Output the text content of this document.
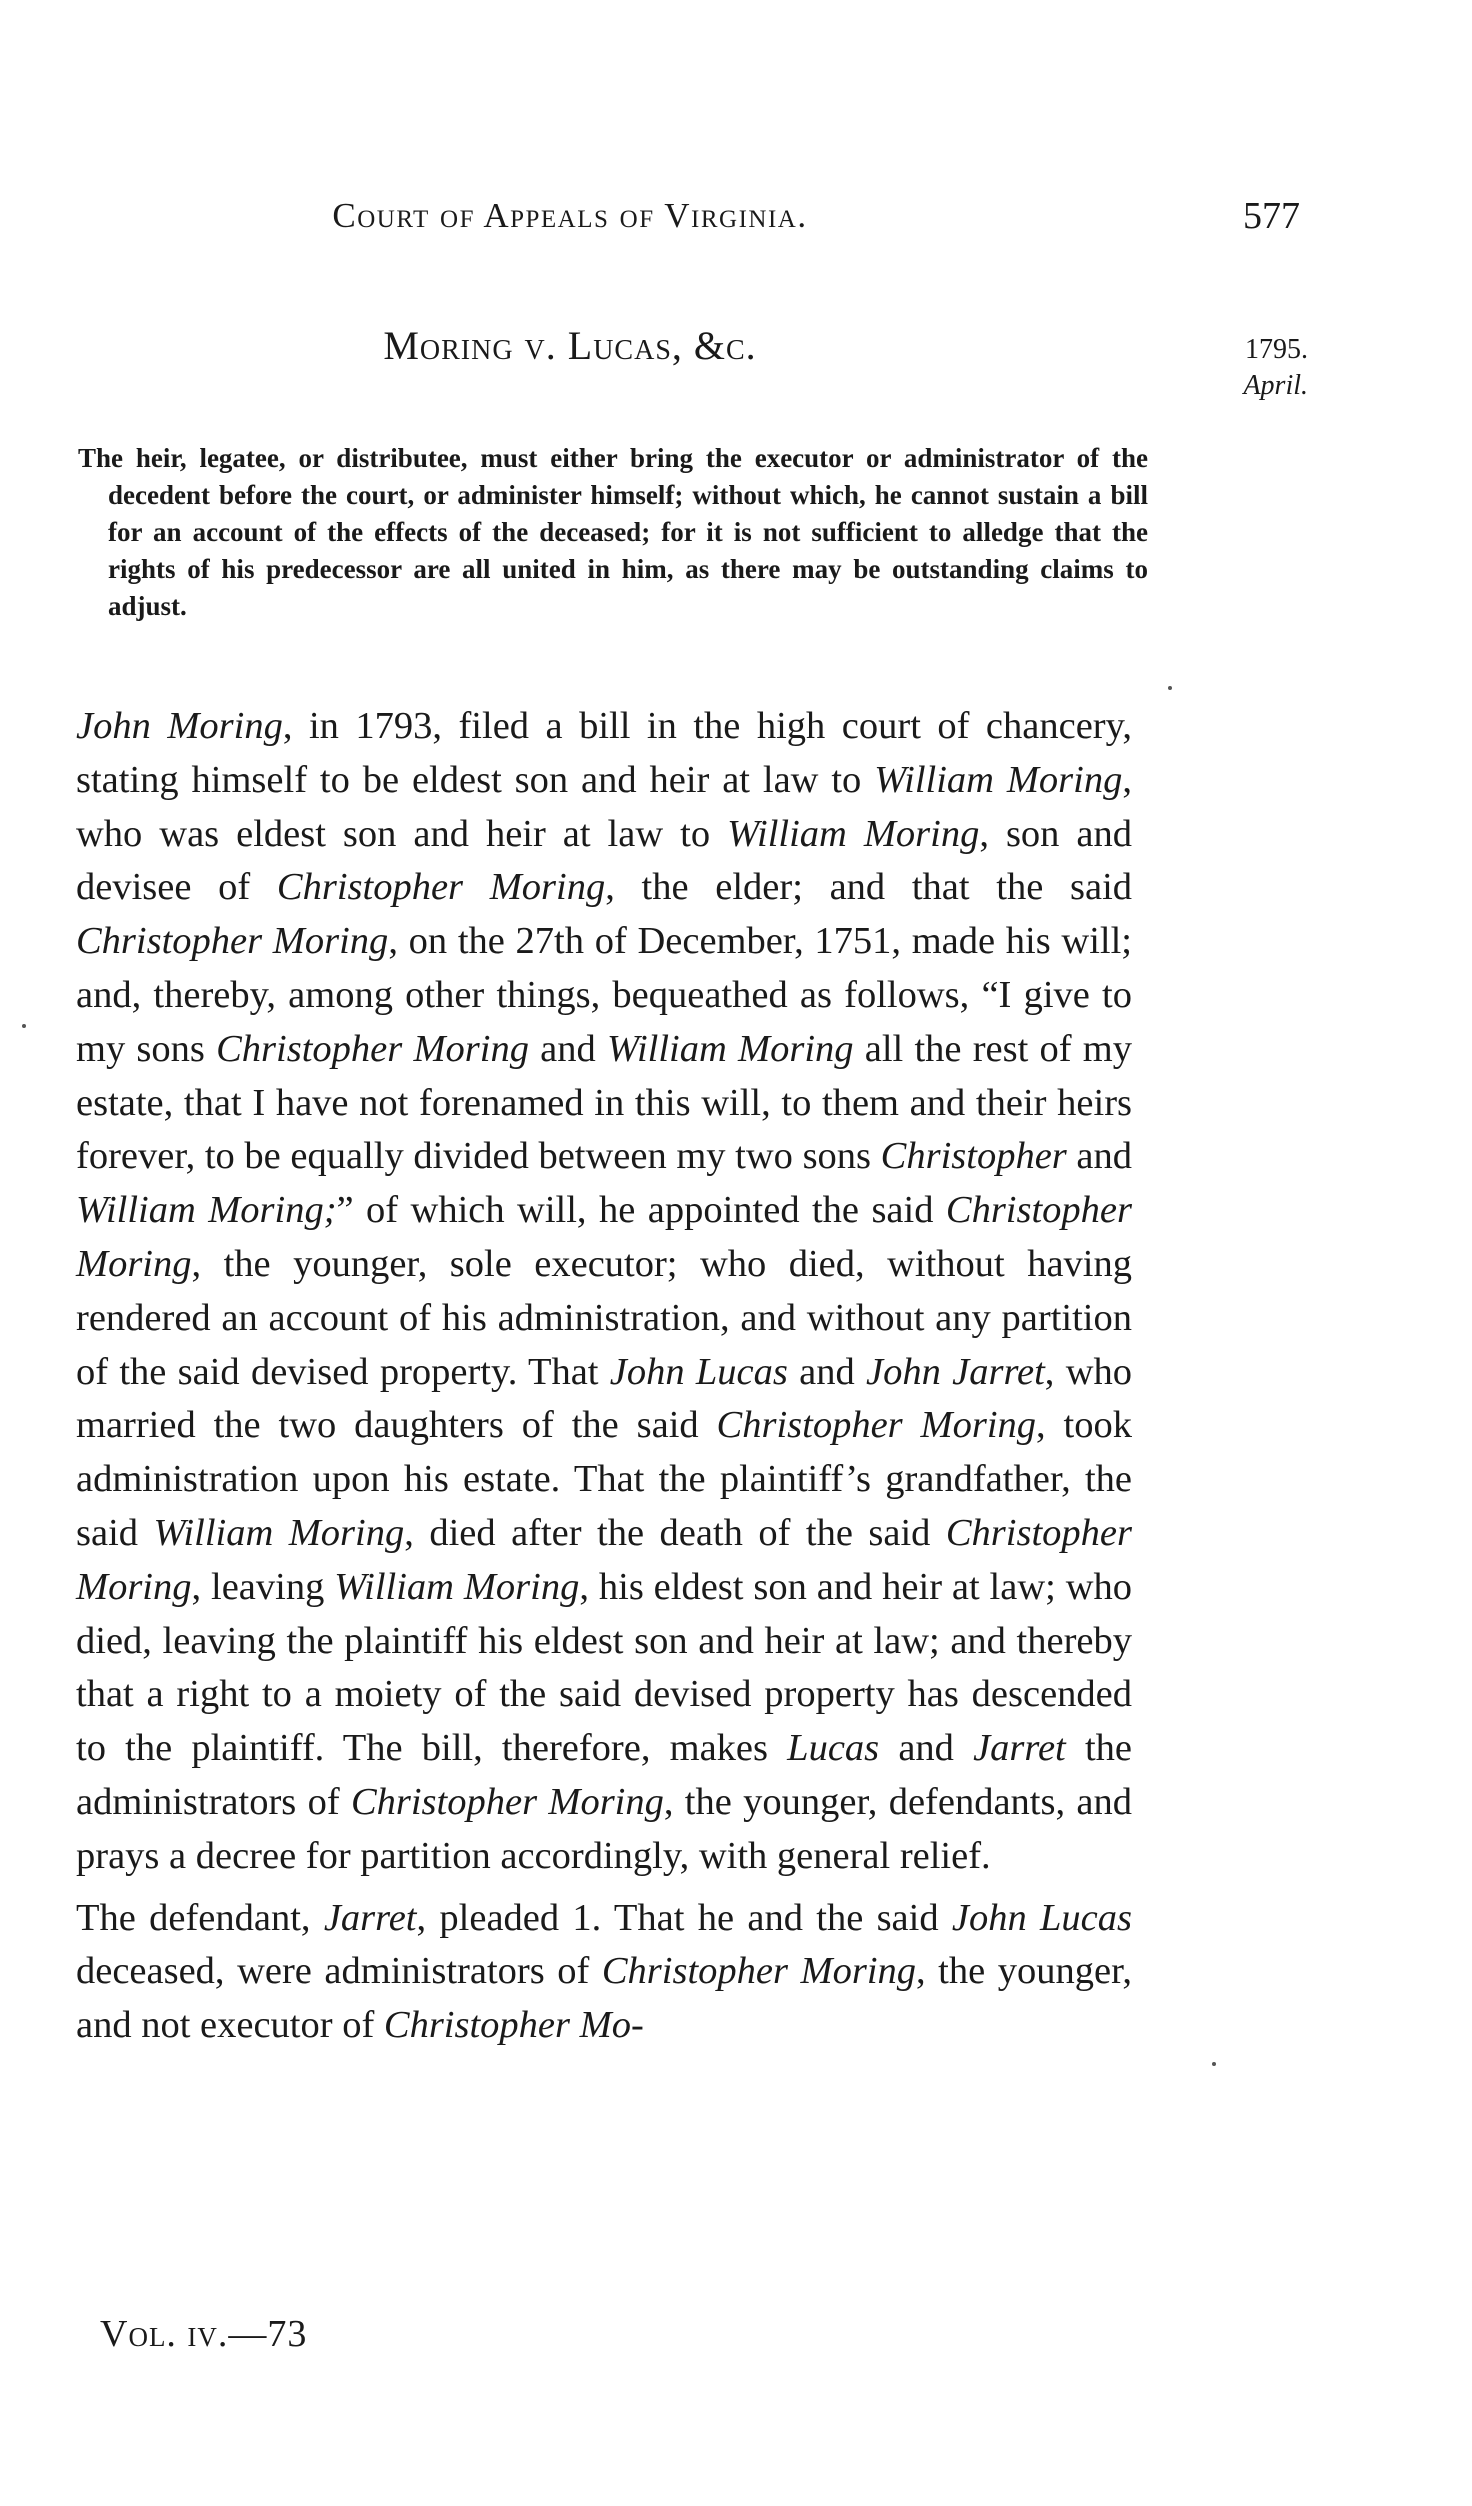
Court of Appeals of Virginia.	577
Moring v. Lucas, &c.	1795.
April.
The heir, legatee, or distributee, must either bring the executor or administrator of the decedent before the court, or administer himself; without which, he cannot sustain a bill for an account of the effects of the deceased; for it is not sufficient to alledge that the rights of his predecessor are all united in him, as there may be outstanding claims to adjust.

John Moring, in 1793, filed a bill in the high court of chancery, stating himself to be eldest son and heir at law to William Moring, who was eldest son and heir at law to William Moring, son and devisee of Christopher Moring, the elder; and that the said Christopher Moring, on the 27th of December, 1751, made his will; and, thereby, among other things, bequeathed as follows, “I give to my sons Christopher Moring and William Moring all the rest of my estate, that I have not forenamed in this will, to them and their heirs forever, to be equally divided between my two sons Christopher and William Moring;” of which will, he appointed the said Christopher Moring, the younger, sole executor; who died, without having rendered an account of his administration, and without any partition of the said devised property. That John Lucas and John Jarret, who married the two daughters of the said Christopher Moring, took administration upon his estate. That the plaintiff’s grandfather, the said William Moring, died after the death of the said Christopher Moring, leaving William Moring, his eldest son and heir at law; who died, leaving the plaintiff his eldest son and heir at law; and thereby that a right to a moiety of the said devised property has descended to the plaintiff. The bill, therefore, makes Lucas and Jarret the administrators of Christopher Moring, the younger, defendants, and prays a decree for partition accordingly, with general relief.

The defendant, Jarret, pleaded 1. That he and the said John Lucas deceased, were administrators of Christopher Moring, the younger, and not executor of Christopher Mo-

Vol. iv.—73
